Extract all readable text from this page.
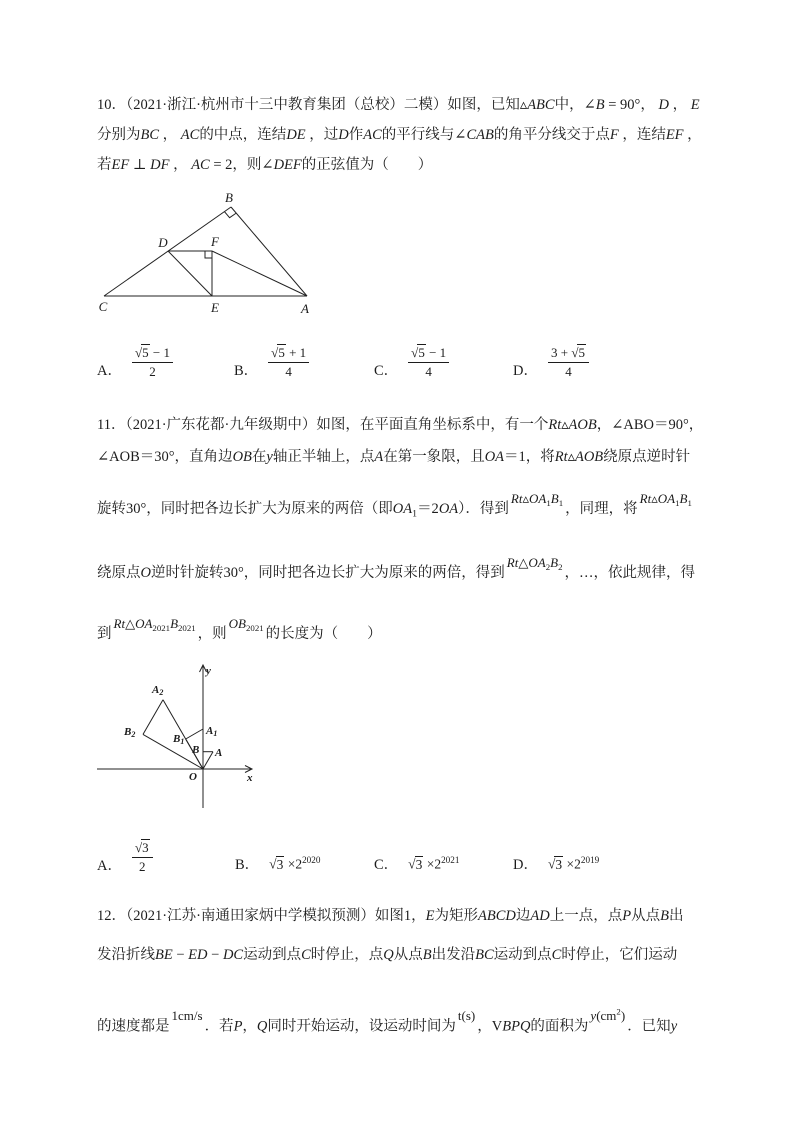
10．（2021·浙江·杭州市十三中教育集团（总校）二模）如图，已知▵ABC中，∠B = 90°， D ， E
分别为BC ， AC的中点，连结DE ，过D作AC的平行线与∠CAB的角平分线交于点F ，连结EF ，
若EF ⊥ DF ， AC = 2，则∠DEF的正弦值为（　　）
B
D	F
C	E	A
A． $\frac{√5 - 1}{2}$	B． $\frac{√5 + 1}{4}$	C． $\frac{√5 - 1}{4}$	D． $\frac{3 + √5}{4}$
11．（2021·广东花都·九年级期中）如图，在平面直角坐标系中，有一个Rt▵AOB，∠ABO＝90°，
∠AOB＝30°，直角边OB在y轴正半轴上，点A在第一象限，且OA＝1，将Rt▵AOB绕原点逆时针
旋转30°，同时把各边长扩大为原来的两倍（即$OA_1=2OA$）．得到$Rt▵OA_1B_1$ ，同理，将$Rt▵OA_1B_1$
绕原点O逆时针旋转30°，同时把各边长扩大为原来的两倍，得到$Rt\triangle OA_2B_2$ ，…，依此规律，得
到$Rt\triangle OA_{2021}B_{2021}$ ，则$OB_{2021}$ 的长度为（　　）
y
x
O
B A
A1
B1
A2
B2
A． $\frac{√3}{2}$	B． $√3 \times 2^{2020}$	C． $√3 \times 2^{2021}$	D． $√3 \times 2^{2019}$
12．（2021·江苏·南通田家炳中学模拟预测）如图1，E为矩形ABCD边AD上一点，点P从点B出
发沿折线BE − ED − DC运动到点C时停止，点Q从点B出发沿BC运动到点C时停止，它们运动
的速度都是1cm/s．若P，Q同时开始运动，设运动时间为t(s)，VBPQ的面积为$y(cm^2)$．已知y
